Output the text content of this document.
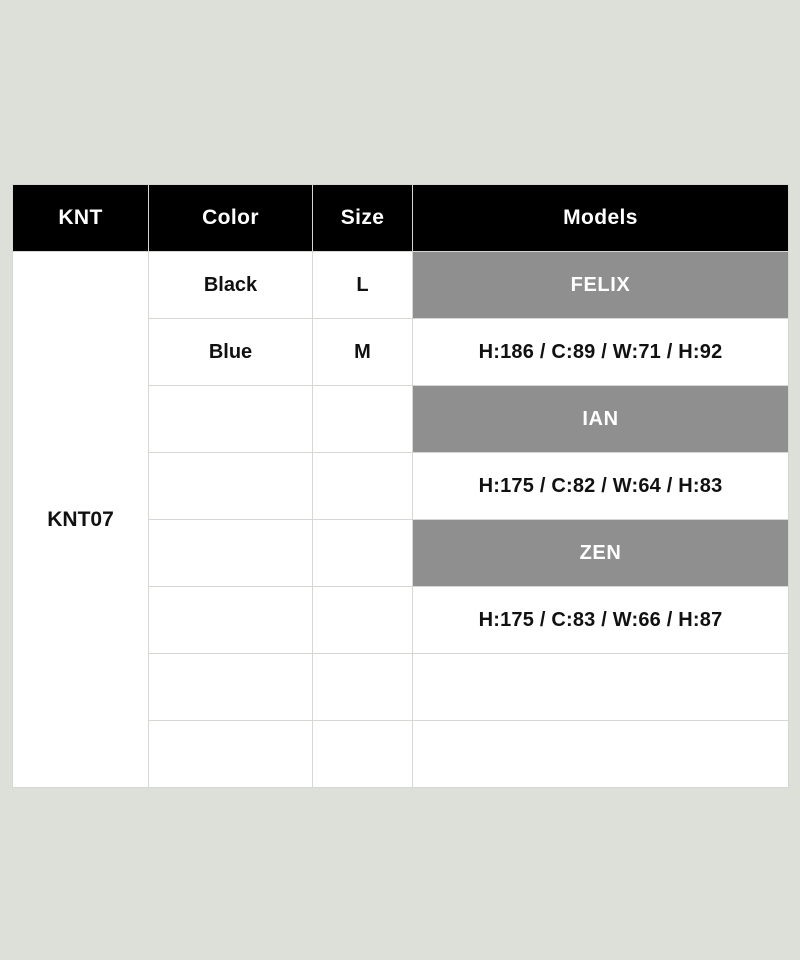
KNT	Color	Size	Models
KNT07	Black	L	FELIX
	Blue	M	H:186 / C:89 / W:71 / H:92
			IAN
			H:175 / C:82 / W:64 / H:83
			ZEN
			H:175 / C:83 / W:66 / H:87
